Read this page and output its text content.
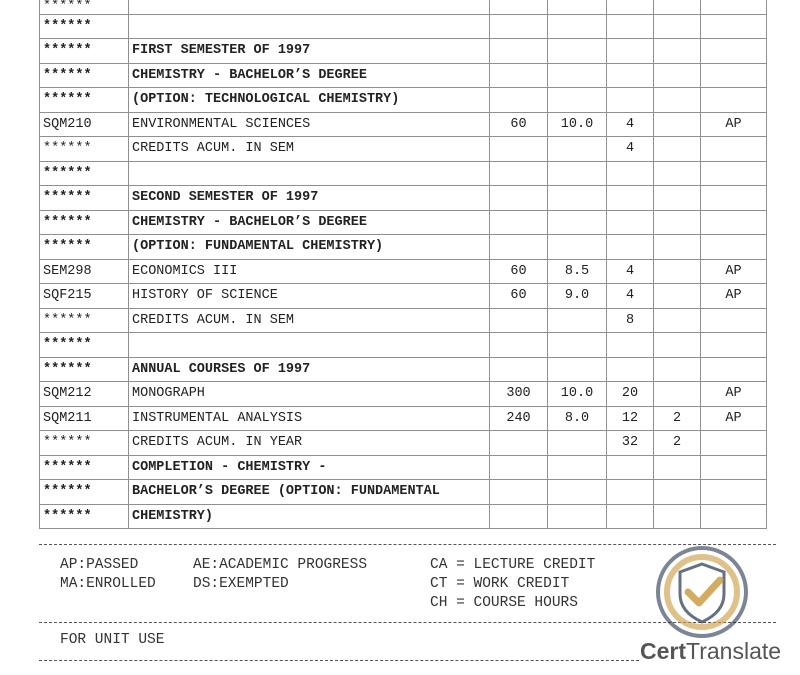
******						
******						
******	FIRST SEMESTER OF 1997					
******	CHEMISTRY - BACHELOR’S DEGREE					
******	(OPTION: TECHNOLOGICAL CHEMISTRY)					
SQM210	ENVIRONMENTAL SCIENCES	60	10.0	4		AP
******	CREDITS ACUM. IN SEM			4		
******						
******	SECOND SEMESTER OF 1997					
******	CHEMISTRY - BACHELOR’S DEGREE					
******	(OPTION: FUNDAMENTAL CHEMISTRY)					
SEM298	ECONOMICS III	60	8.5	4		AP
SQF215	HISTORY OF SCIENCE	60	9.0	4		AP
******	CREDITS ACUM. IN SEM			8		
******						
******	ANNUAL COURSES OF 1997					
SQM212	MONOGRAPH	300	10.0	20		AP
SQM211	INSTRUMENTAL ANALYSIS	240	8.0	12	2	AP
******	CREDITS ACUM. IN YEAR			32	2	
******	COMPLETION - CHEMISTRY -					
******	BACHELOR’S DEGREE (OPTION: FUNDAMENTAL					
******	CHEMISTRY)					
AP:PASSED
MA:ENROLLED
AE:ACADEMIC PROGRESS
DS:EXEMPTED
CA = LECTURE CREDIT
CT = WORK CREDIT
CH = COURSE HOURS
FOR UNIT USE	CertTranslate
